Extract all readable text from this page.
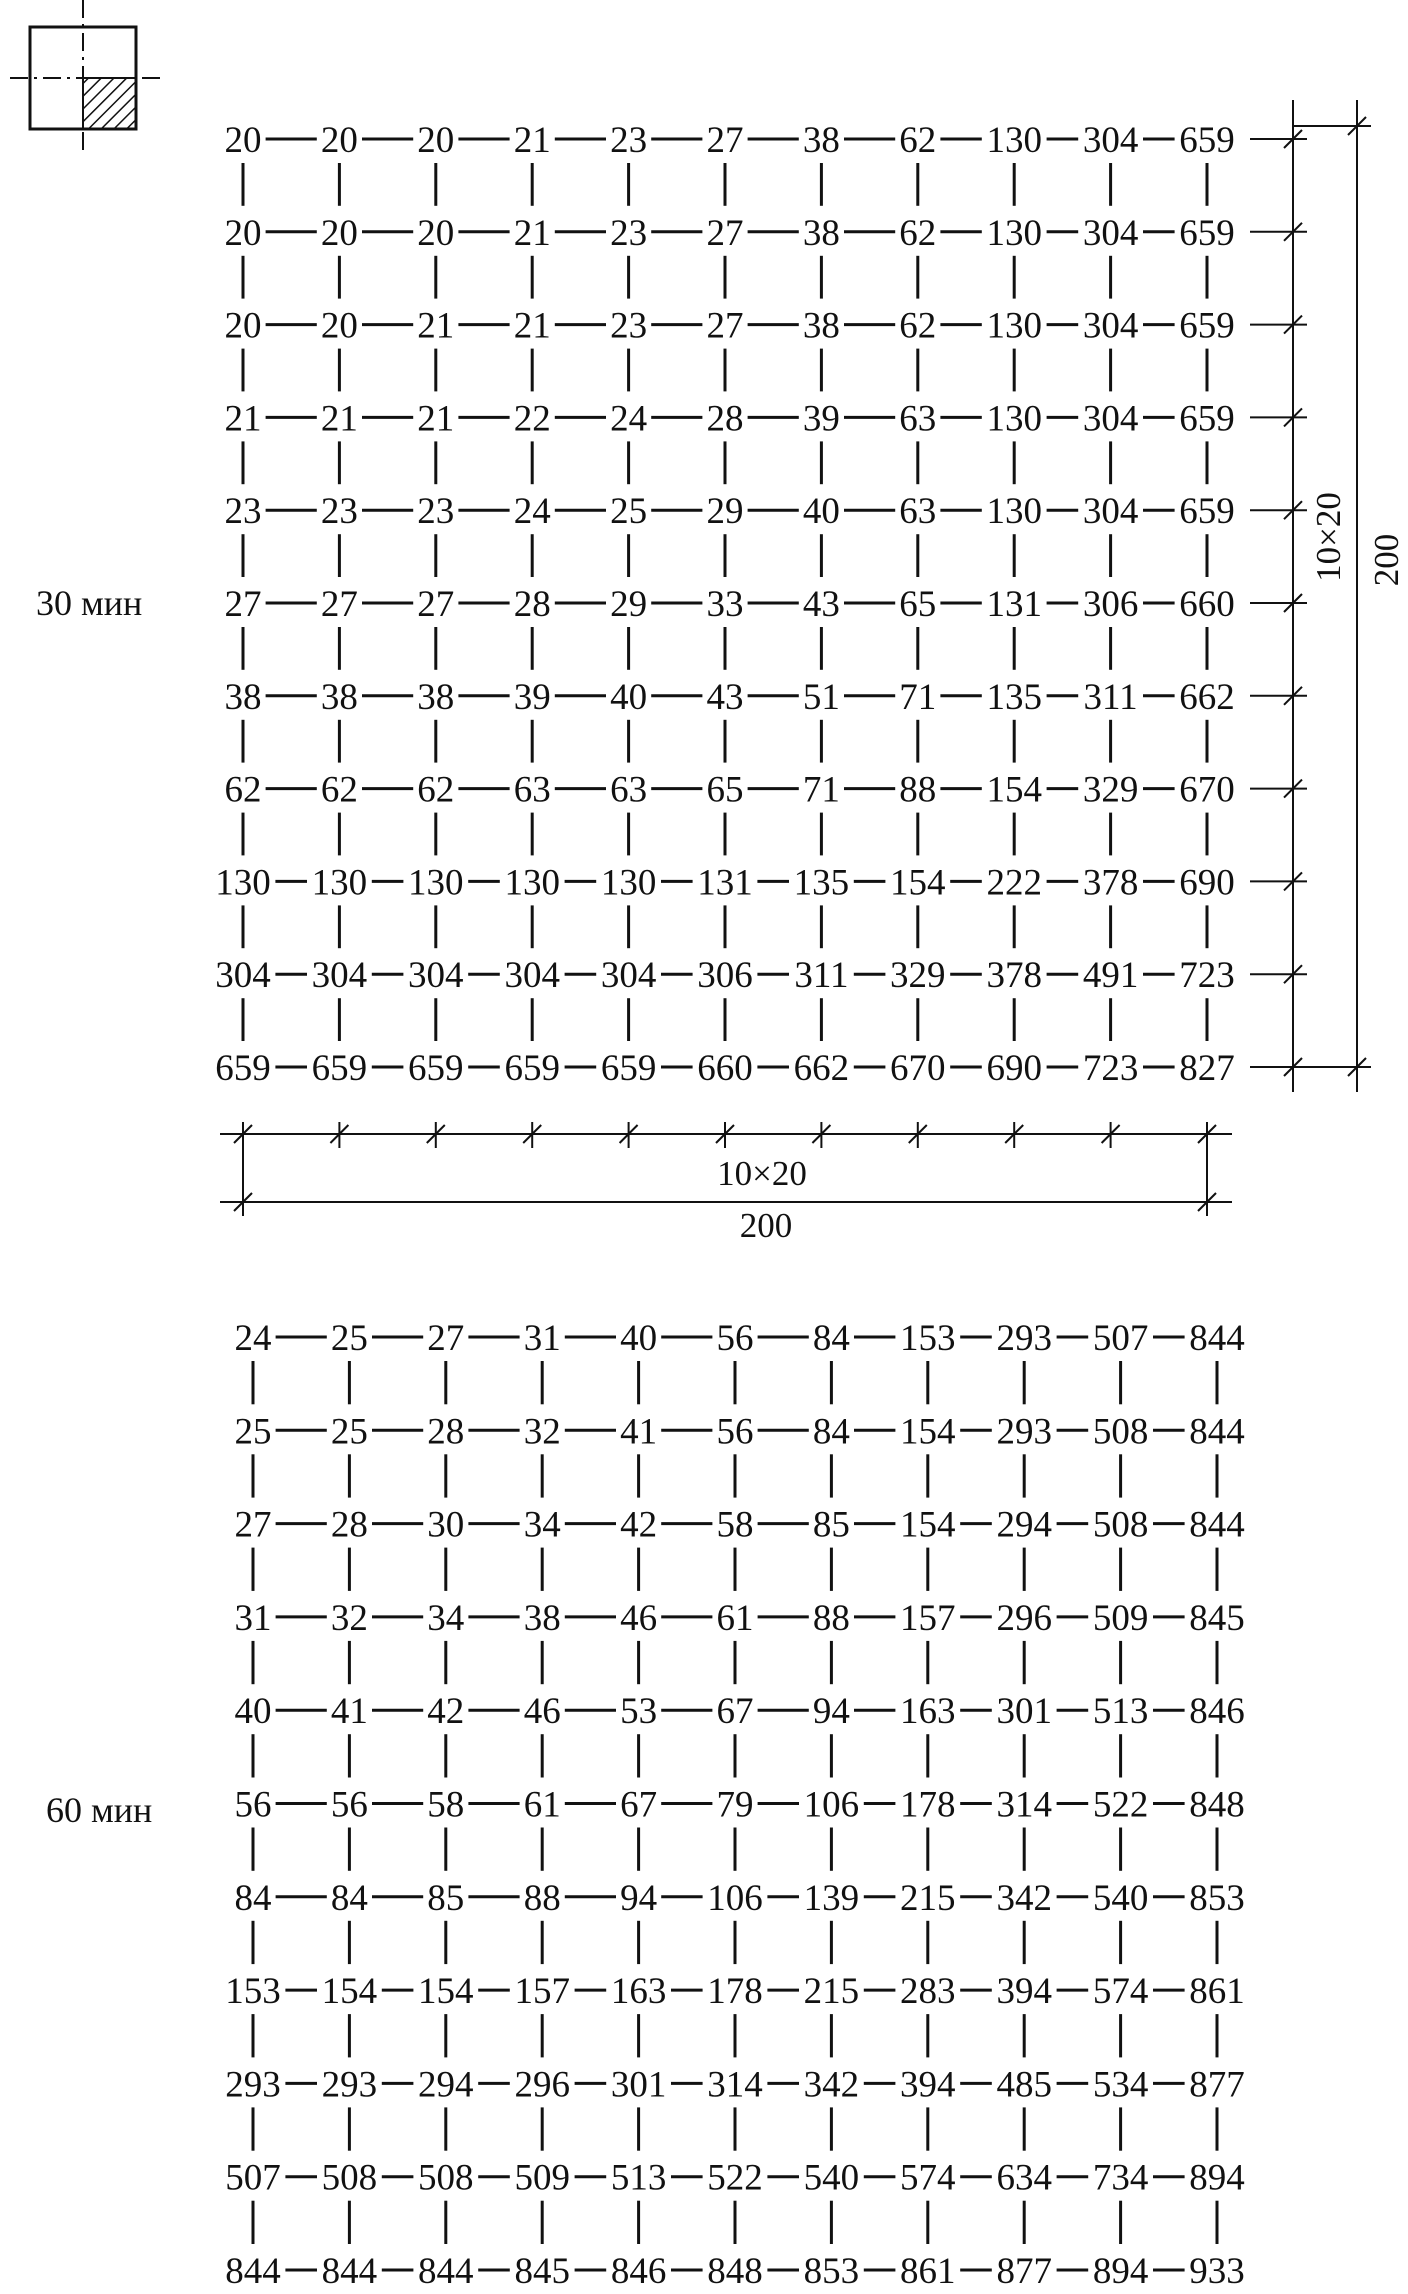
20 20 20 21 23 27 38 62 130 304 659
20 20 20 21 23 27 38 62 130 304 659
20 20 21 21 23 27 38 62 130 304 659
21 21 21 22 24 28 39 63 130 304 659
23 23 23 24 25 29 40 63 130 304 659
27 27 27 28 29 33 43 65 131 306 660
38 38 38 39 40 43 51 71 135 311 662
62 62 62 63 63 65 71 88 154 329 670
130 130 130 130 130 131 135 154 222 378 690
304 304 304 304 304 306 311 329 378 491 723
659 659 659 659 659 660 662 670 690 723 827
30 мин
10×20
200
10×20 200
24 25 27 31 40 56 84 153 293 507 844
25 25 28 32 41 56 84 154 293 508 844
27 28 30 34 42 58 85 154 294 508 844
31 32 34 38 46 61 88 157 296 509 845
40 41 42 46 53 67 94 163 301 513 846
56 56 58 61 67 79 106 178 314 522 848
84 84 85 88 94 106 139 215 342 540 853
153 154 154 157 163 178 215 283 394 574 861
293 293 294 296 301 314 342 394 485 534 877
507 508 508 509 513 522 540 574 634 734 894
844 844 844 845 846 848 853 861 877 894 933
60 мин
